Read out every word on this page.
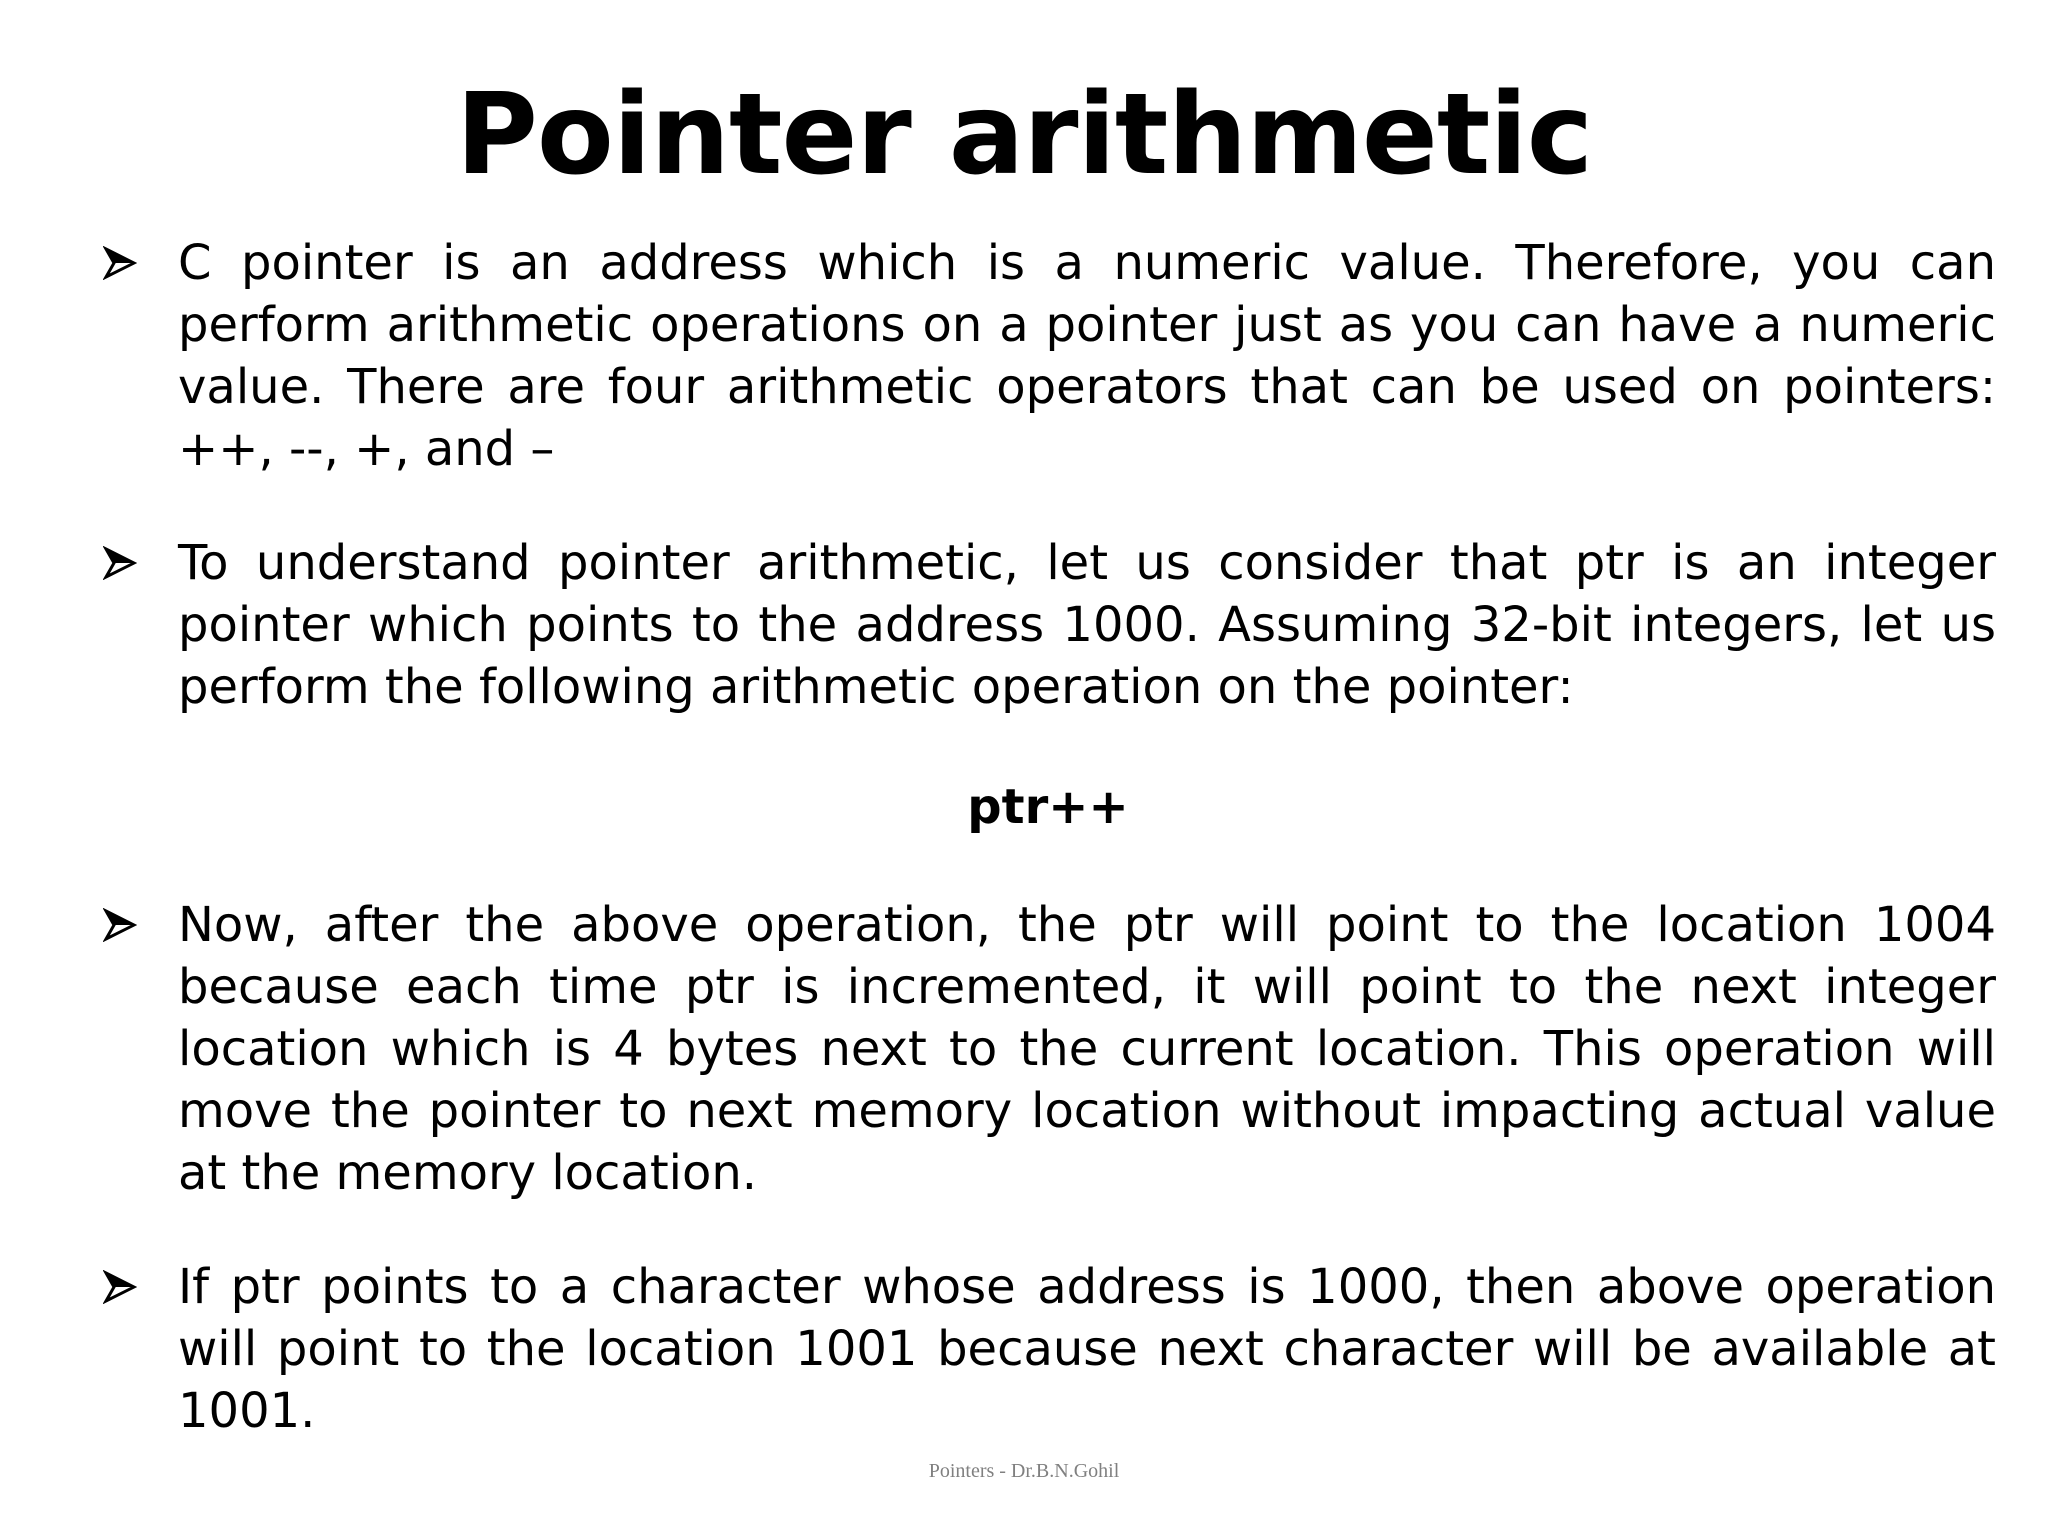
Pointer arithmetic
C pointer is an address which is a numeric value. Therefore, you can perform arithmetic operations on a pointer just as you can have a numeric value. There are four arithmetic operators that can be used on pointers: ++, --, +, and –
To understand pointer arithmetic, let us consider that ptr is an integer pointer which points to the address 1000. Assuming 32-bit integers, let us perform the following arithmetic operation on the pointer:
ptr++
Now, after the above operation, the ptr will point to the location 1004 because each time ptr is incremented, it will point to the next integer location which is 4 bytes next to the current location. This operation will move the pointer to next memory location without impacting actual value at the memory location.
If ptr points to a character whose address is 1000, then above operation will point to the location 1001 because next character will be available at 1001.
Pointers - Dr.B.N.Gohil
